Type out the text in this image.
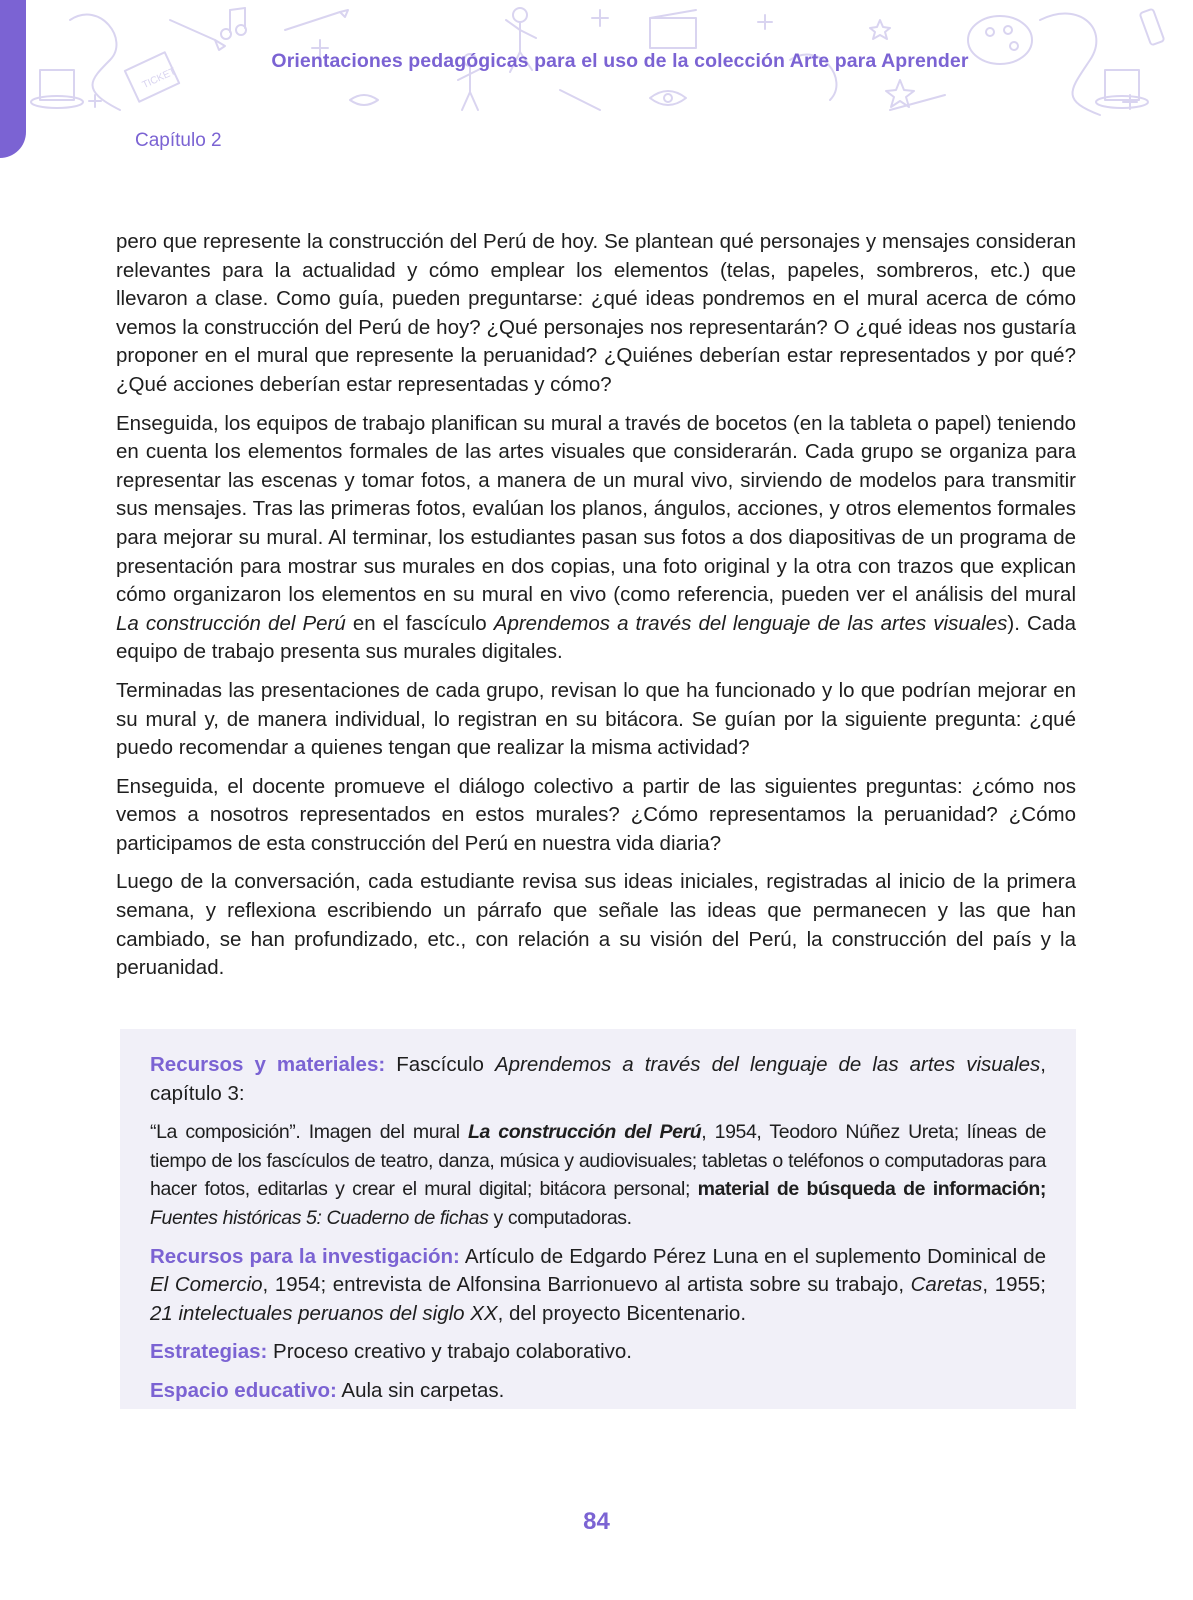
TICKET
Orientaciones pedagógicas para el uso de la colección Arte para Aprender
Capítulo 2

pero que represente la construcción del Perú de hoy. Se plantean qué personajes y mensajes consideran relevantes para la actualidad y cómo emplear los elementos (telas, papeles, sombreros, etc.) que llevaron a clase. Como guía, pueden preguntarse: ¿qué ideas pondremos en el mural acerca de cómo vemos la construcción del Perú de hoy? ¿Qué personajes nos representarán? O ¿qué ideas nos gustaría proponer en el mural que represente la peruanidad? ¿Quiénes deberían estar representados y por qué? ¿Qué acciones deberían estar representadas y cómo?

Enseguida, los equipos de trabajo planifican su mural a través de bocetos (en la tableta o papel) teniendo en cuenta los elementos formales de las artes visuales que considerarán. Cada grupo se organiza para representar las escenas y tomar fotos, a manera de un mural vivo, sirviendo de modelos para transmitir sus mensajes. Tras las primeras fotos, evalúan los planos, ángulos, acciones, y otros elementos formales para mejorar su mural. Al terminar, los estudiantes pasan sus fotos a dos diapositivas de un programa de presentación para mostrar sus murales en dos copias, una foto original y la otra con trazos que explican cómo organizaron los elementos en su mural en vivo (como referencia, pueden ver el análisis del mural La construcción del Perú en el fascículo Aprendemos a través del lenguaje de las artes visuales). Cada equipo de trabajo presenta sus murales digitales.

Terminadas las presentaciones de cada grupo, revisan lo que ha funcionado y lo que podrían mejorar en su mural y, de manera individual, lo registran en su bitácora. Se guían por la siguiente pregunta: ¿qué puedo recomendar a quienes tengan que realizar la misma actividad?

Enseguida, el docente promueve el diálogo colectivo a partir de las siguientes preguntas: ¿cómo nos vemos a nosotros representados en estos murales? ¿Cómo representamos la peruanidad? ¿Cómo participamos de esta construcción del Perú en nuestra vida diaria?

Luego de la conversación, cada estudiante revisa sus ideas iniciales, registradas al inicio de la primera semana, y reflexiona escribiendo un párrafo que señale las ideas que permanecen y las que han cambiado, se han profundizado, etc., con relación a su visión del Perú, la construcción del país y la peruanidad.

Recursos y materiales: Fascículo Aprendemos a través del lenguaje de las artes visuales, capítulo 3:

“La composición”. Imagen del mural La construcción del Perú, 1954, Teodoro Núñez Ureta; líneas de tiempo de los fascículos de teatro, danza, música y audiovisuales; tabletas o teléfonos o computadoras para hacer fotos, editarlas y crear el mural digital; bitácora personal; material de búsqueda de información; Fuentes históricas 5: Cuaderno de fichas y computadoras.

Recursos para la investigación: Artículo de Edgardo Pérez Luna en el suplemento Dominical de El Comercio, 1954; entrevista de Alfonsina Barrionuevo al artista sobre su trabajo, Caretas, 1955; 21 intelectuales peruanos del siglo XX, del proyecto Bicentenario.

Estrategias: Proceso creativo y trabajo colaborativo.

Espacio educativo: Aula sin carpetas.

84
